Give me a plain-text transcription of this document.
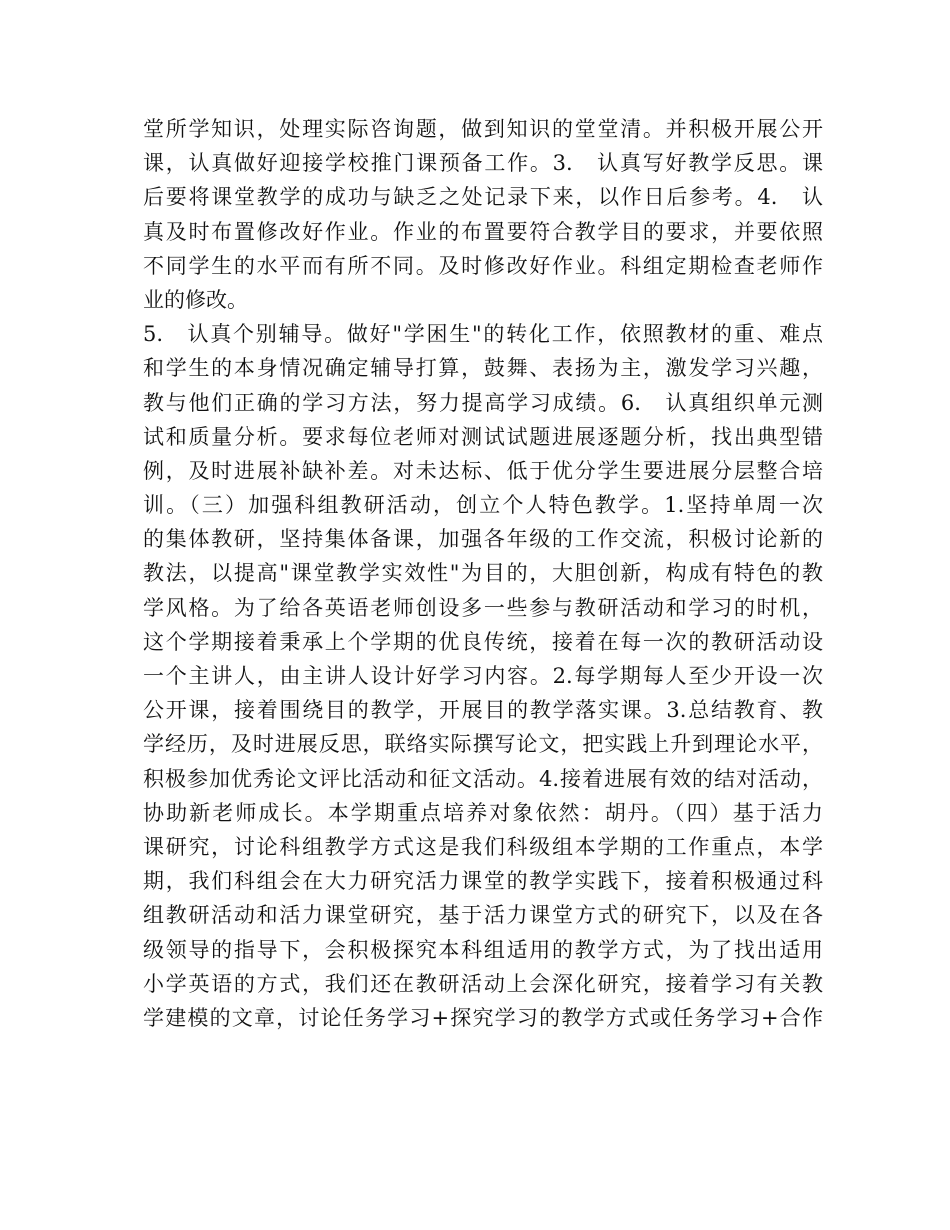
堂所学知识，处理实际咨询题，做到知识的堂堂清。并积极开展公开
课，认真做好迎接学校推门课预备工作。3.　认真写好教学反思。课
后要将课堂教学的成功与缺乏之处记录下来，以作日后参考。4.　认
真及时布置修改好作业。作业的布置要符合教学目的要求，并要依照
不同学生的水平而有所不同。及时修改好作业。科组定期检查老师作
业的修改。
5.　认真个别辅导。做好"学困生"的转化工作，依照教材的重、难点
和学生的本身情况确定辅导打算，鼓舞、表扬为主，激发学习兴趣，
教与他们正确的学习方法，努力提高学习成绩。6.　认真组织单元测
试和质量分析。要求每位老师对测试试题进展逐题分析，找出典型错
例，及时进展补缺补差。对未达标、低于优分学生要进展分层整合培
训。（三）加强科组教研活动，创立个人特色教学。1.坚持单周一次
的集体教研，坚持集体备课，加强各年级的工作交流，积极讨论新的
教法，以提高"课堂教学实效性"为目的，大胆创新，构成有特色的教
学风格。为了给各英语老师创设多一些参与教研活动和学习的时机，
这个学期接着秉承上个学期的优良传统，接着在每一次的教研活动设
一个主讲人，由主讲人设计好学习内容。2.每学期每人至少开设一次
公开课，接着围绕目的教学，开展目的教学落实课。3.总结教育、教
学经历，及时进展反思，联络实际撰写论文，把实践上升到理论水平，
积极参加优秀论文评比活动和征文活动。4.接着进展有效的结对活动，
协助新老师成长。本学期重点培养对象依然：胡丹。（四）基于活力
课研究，讨论科组教学方式这是我们科级组本学期的工作重点，本学
期，我们科组会在大力研究活力课堂的教学实践下，接着积极通过科
组教研活动和活力课堂研究，基于活力课堂方式的研究下，以及在各
级领导的指导下，会积极探究本科组适用的教学方式，为了找出适用
小学英语的方式，我们还在教研活动上会深化研究，接着学习有关教
学建模的文章，讨论任务学习+探究学习的教学方式或任务学习+合作
